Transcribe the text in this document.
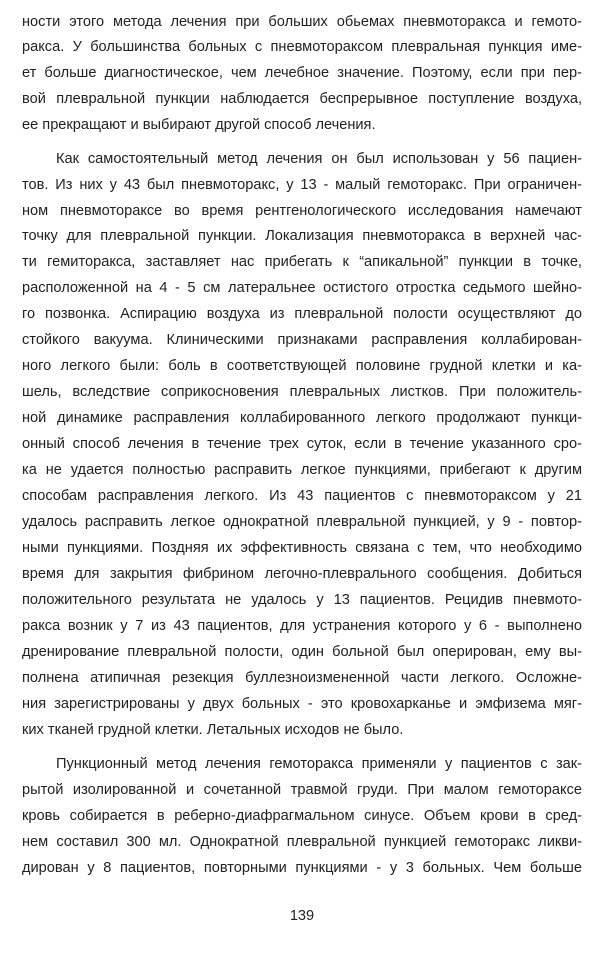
ности этого метода лечения при больших обьемах пневмоторакса и гемото-
ракса. У большинства больных с пневмотораксом плевральная пункция име-
ет больше диагностическое, чем лечебное значение. Поэтому, если при пер-
вой плевральной пункции наблюдается беспрерывное поступление воздуха,
ее прекращают и выбирают другой способ лечения.
Как самостоятельный метод лечения он был использован у 56 пациен-
тов. Из них у 43 был пневмоторакс, у 13 - малый гемоторакс. При ограничен-
ном пневмотораксе во время рентгенологического исследования намечают
точку для плевральной пункции. Локализация пневмоторакса в верхней час-
ти гемиторакса, заставляет нас прибегать к “апикальной” пункции в точке,
расположенной на 4 - 5 см латеральнее остистого отростка седьмого шейно-
го позвонка. Аспирацию воздуха из плевральной полости осуществляют до
стойкого вакуума. Клиническими признаками расправления коллабирован-
ного легкого были: боль в соответствующей половине грудной клетки и ка-
шель, вследствие соприкосновения плевральных листков. При положитель-
ной динамике расправления коллабированного легкого продолжают пункци-
онный способ лечения в течение трех суток, если в течение указанного сро-
ка не удается полностью расправить легкое пункциями, прибегают к другим
способам расправления легкого. Из 43 пациентов с пневмотораксом у 21
удалось расправить легкое однократной плевральной пункцией, у 9 - повтор-
ными пункциями. Поздняя их эффективность связана с тем, что необходимо
время для закрытия фибрином легочно-плеврального сообщения. Добиться
положительного результата не удалось у 13 пациентов. Рецидив пневмото-
ракса возник у 7 из 43 пациентов, для устранения которого у 6 - выполнено
дренирование плевральной полости, один больной был оперирован, ему вы-
полнена атипичная резекция буллезноизмененной части легкого. Осложне-
ния зарегистрированы у двух больных - это кровохарканье и эмфизема мяг-
ких тканей грудной клетки. Летальных исходов не было.
Пункционный метод лечения гемоторакса применяли у пациентов с зак-
рытой изолированной и сочетанной травмой груди. При малом гемотораксе
кровь собирается в реберно-диафрагмальном синусе. Объем крови в сред-
нем составил 300 мл. Однократной плевральной пункцией гемоторакс ликви-
дирован у 8 пациентов, повторными пункциями - у 3 больных. Чем больше
139
